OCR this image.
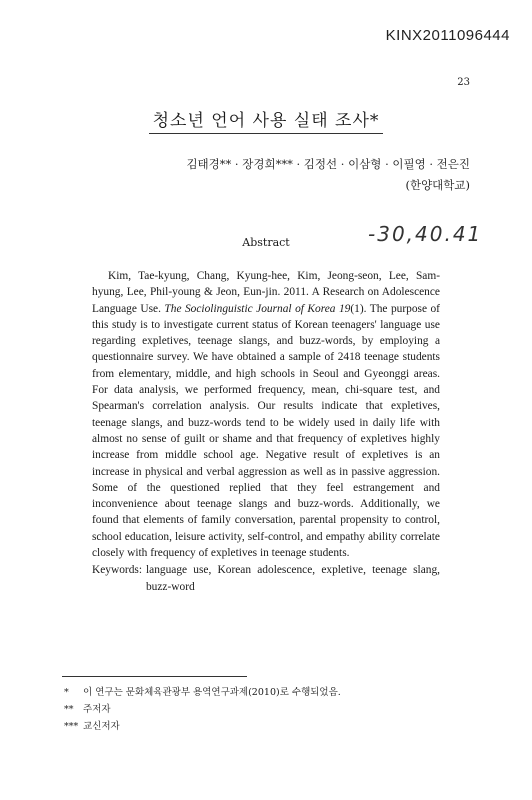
KINX2011096444
23
청소년 언어 사용 실태 조사*
김태경** · 장경희*** · 김정선 · 이삼형 · 이필영 · 전은진
(한양대학교)
Abstract	-30,40.41

Kim, Tae-kyung, Chang, Kyung-hee, Kim, Jeong-seon, Lee, Sam-hyung, Lee, Phil-young & Jeon, Eun-jin. 2011. A Research on Adolescence Language Use. The Sociolinguistic Journal of Korea 19(1). The purpose of this study is to investigate current status of Korean teenagers' language use regarding expletives, teenage slangs, and buzz-words, by employing a questionnaire survey. We have obtained a sample of 2418 teenage students from elementary, middle, and high schools in Seoul and Gyeonggi areas. For data analysis, we performed frequency, mean, chi-square test, and Spearman's correlation analysis. Our results indicate that expletives, teenage slangs, and buzz-words tend to be widely used in daily life with almost no sense of guilt or shame and that frequency of expletives highly increase from middle school age. Negative result of expletives is an increase in physical and verbal aggression as well as in passive aggression. Some of the questioned replied that they feel estrangement and inconvenience about teenage slangs and buzz-words. Additionally, we found that elements of family conversation, parental propensity to control, school education, leisure activity, self-control, and empathy ability correlate closely with frequency of expletives in teenage students.

Keywords: language use, Korean adolescence, expletive, teenage slang, buzz-word
* 이 연구는 문화체육관광부 용역연구과제(2010)로 수행되었음.
** 주저자
*** 교신저자
